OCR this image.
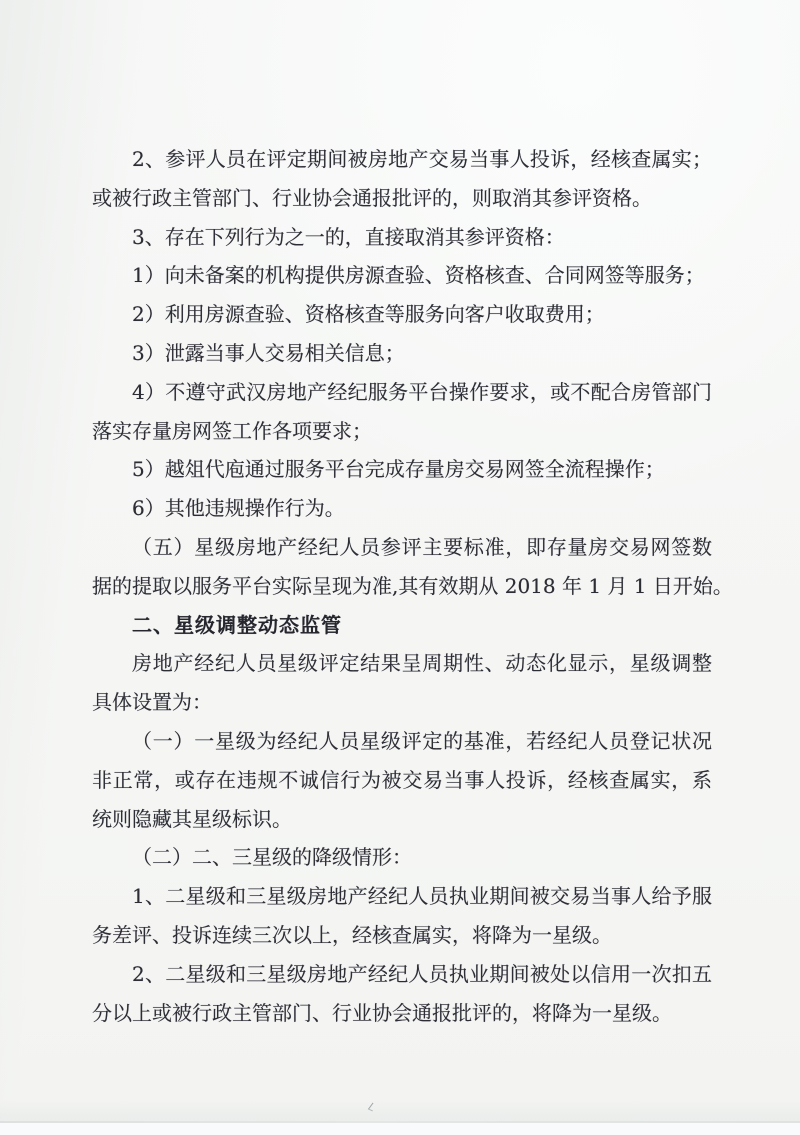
2、参评人员在评定期间被房地产交易当事人投诉，经核查属实；
或被行政主管部门、行业协会通报批评的，则取消其参评资格。
3、存在下列行为之一的，直接取消其参评资格：
1）向未备案的机构提供房源查验、资格核查、合同网签等服务；
2）利用房源查验、资格核查等服务向客户收取费用；
3）泄露当事人交易相关信息；
4）不遵守武汉房地产经纪服务平台操作要求，或不配合房管部门
落实存量房网签工作各项要求；
5）越俎代庖通过服务平台完成存量房交易网签全流程操作；
6）其他违规操作行为。
（五）星级房地产经纪人员参评主要标准，即存量房交易网签数
据的提取以服务平台实际呈现为准,其有效期从 2018 年 1 月 1 日开始。
二、星级调整动态监管
房地产经纪人员星级评定结果呈周期性、动态化显示，星级调整
具体设置为：
（一）一星级为经纪人员星级评定的基准，若经纪人员登记状况
非正常，或存在违规不诚信行为被交易当事人投诉，经核查属实，系
统则隐藏其星级标识。
（二）二、三星级的降级情形：
1、二星级和三星级房地产经纪人员执业期间被交易当事人给予服
务差评、投诉连续三次以上，经核查属实，将降为一星级。
2、二星级和三星级房地产经纪人员执业期间被处以信用一次扣五
分以上或被行政主管部门、行业协会通报批评的，将降为一星级。
